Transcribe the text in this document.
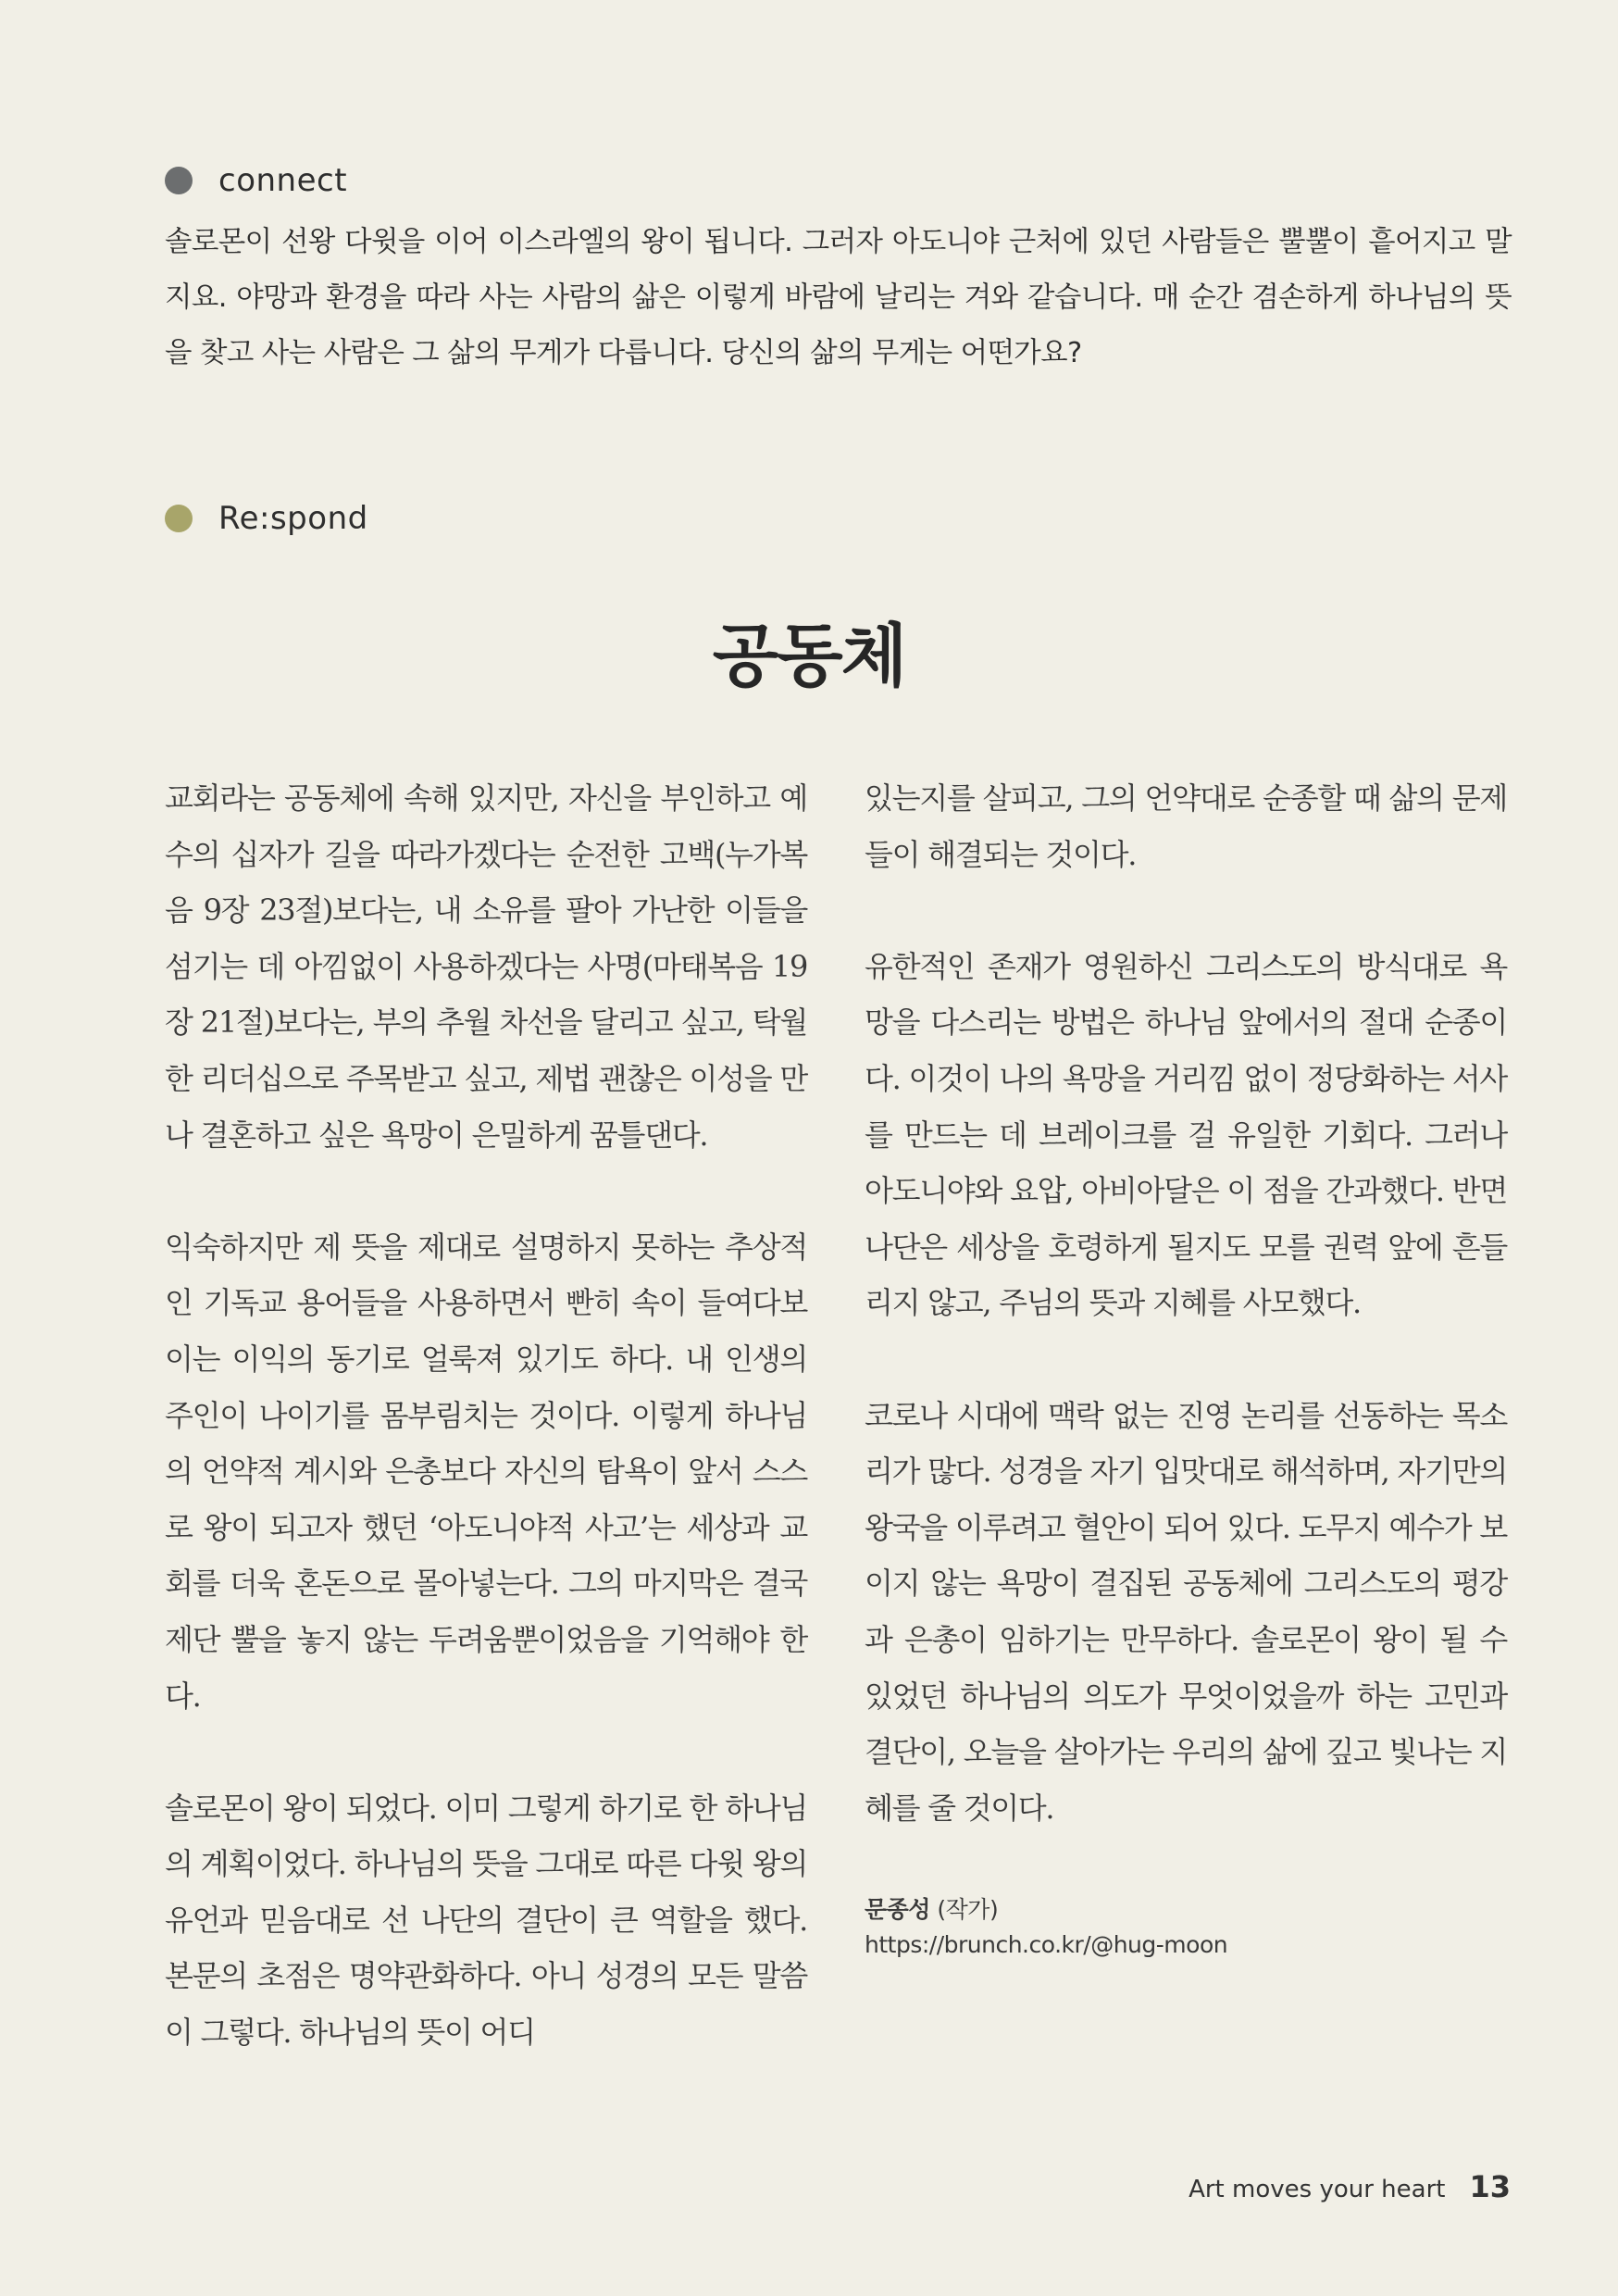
connect

솔로몬이 선왕 다윗을 이어 이스라엘의 왕이 됩니다. 그러자 아도니야 근처에 있던 사람들은 뿔뿔이 흩어지고 말지요. 야망과 환경을 따라 사는 사람의 삶은 이렇게 바람에 날리는 겨와 같습니다. 매 순간 겸손하게 하나님의 뜻을 찾고 사는 사람은 그 삶의 무게가 다릅니다. 당신의 삶의 무게는 어떤가요?

Re:spond
공동체

교회라는 공동체에 속해 있지만, 자신을 부인하고 예수의 십자가 길을 따라가겠다는 순전한 고백(누가복음 9장 23절)보다는, 내 소유를 팔아 가난한 이들을 섬기는 데 아낌없이 사용하겠다는 사명(마태복음 19장 21절)보다는, 부의 추월 차선을 달리고 싶고, 탁월한 리더십으로 주목받고 싶고, 제법 괜찮은 이성을 만나 결혼하고 싶은 욕망이 은밀하게 꿈틀댄다.

익숙하지만 제 뜻을 제대로 설명하지 못하는 추상적인 기독교 용어들을 사용하면서 빤히 속이 들여다보이는 이익의 동기로 얼룩져 있기도 하다. 내 인생의 주인이 나이기를 몸부림치는 것이다. 이렇게 하나님의 언약적 계시와 은총보다 자신의 탐욕이 앞서 스스로 왕이 되고자 했던 ‘아도니야적 사고’는 세상과 교회를 더욱 혼돈으로 몰아넣는다. 그의 마지막은 결국 제단 뿔을 놓지 않는 두려움뿐이었음을 기억해야 한다.

솔로몬이 왕이 되었다. 이미 그렇게 하기로 한 하나님의 계획이었다. 하나님의 뜻을 그대로 따른 다윗 왕의 유언과 믿음대로 선 나단의 결단이 큰 역할을 했다. 본문의 초점은 명약관화하다. 아니 성경의 모든 말씀이 그렇다. 하나님의 뜻이 어디

있는지를 살피고, 그의 언약대로 순종할 때 삶의 문제들이 해결되는 것이다.

유한적인 존재가 영원하신 그리스도의 방식대로 욕망을 다스리는 방법은 하나님 앞에서의 절대 순종이다. 이것이 나의 욕망을 거리낌 없이 정당화하는 서사를 만드는 데 브레이크를 걸 유일한 기회다. 그러나 아도니야와 요압, 아비아달은 이 점을 간과했다. 반면 나단은 세상을 호령하게 될지도 모를 권력 앞에 흔들리지 않고, 주님의 뜻과 지혜를 사모했다.

코로나 시대에 맥락 없는 진영 논리를 선동하는 목소리가 많다. 성경을 자기 입맛대로 해석하며, 자기만의 왕국을 이루려고 혈안이 되어 있다. 도무지 예수가 보이지 않는 욕망이 결집된 공동체에 그리스도의 평강과 은총이 임하기는 만무하다. 솔로몬이 왕이 될 수 있었던 하나님의 의도가 무엇이었을까 하는 고민과 결단이, 오늘을 살아가는 우리의 삶에 깊고 빛나는 지혜를 줄 것이다.

문종성 (작가)
https://brunch.co.kr/@hug-moon
Art moves your heart 13
